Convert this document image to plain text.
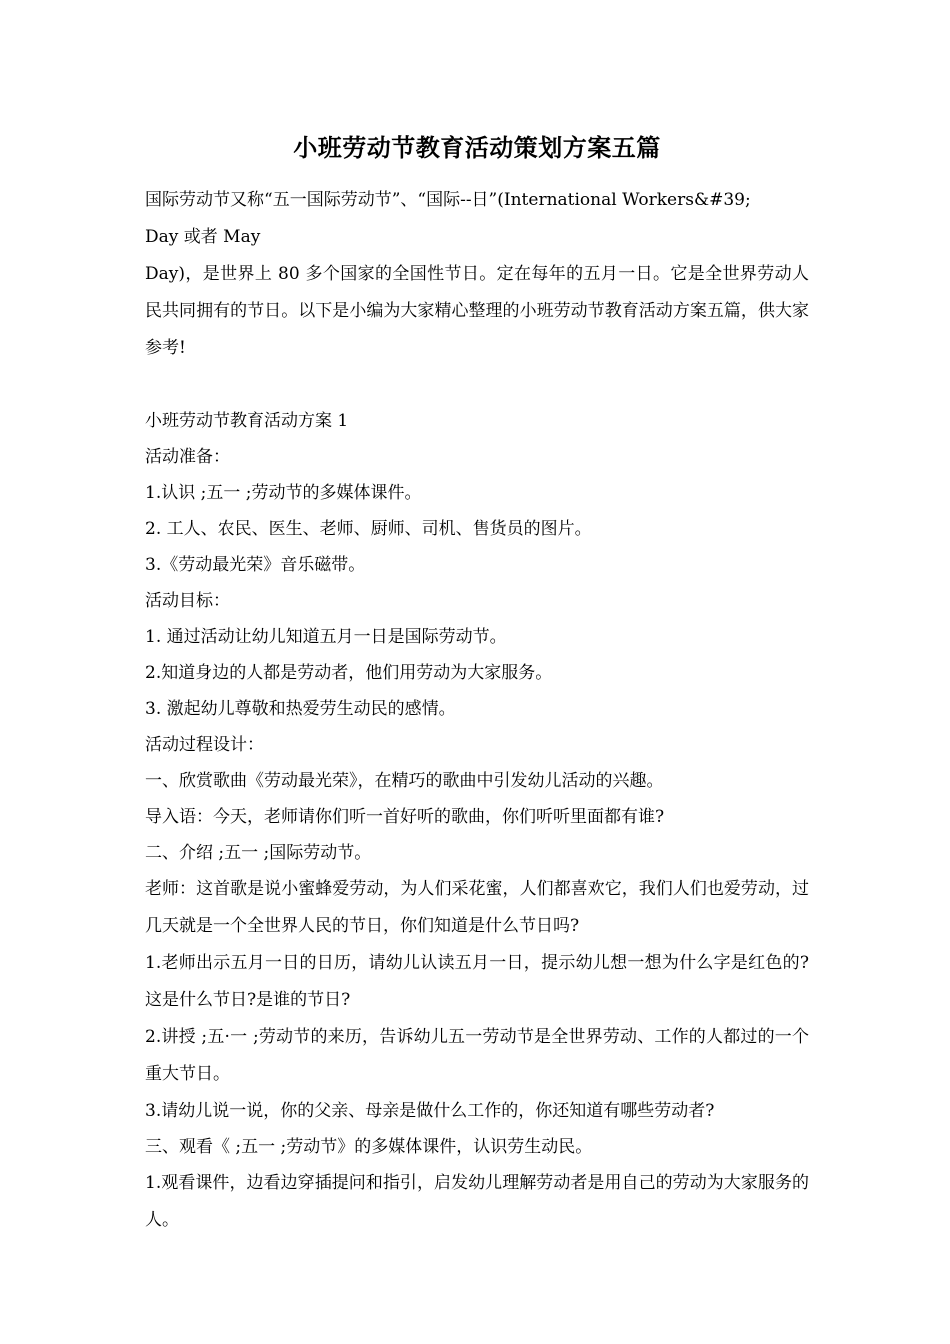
小班劳动节教育活动策划方案五篇

国际劳动节又称“五一国际劳动节”、“国际--日”(International Workers&#39;

Day 或者 May

Day)，是世界上 80 多个国家的全国性节日。定在每年的五月一日。它是全世界劳动人民共同拥有的节日。以下是小编为大家精心整理的小班劳动节教育活动方案五篇，供大家参考!

小班劳动节教育活动方案 1

活动准备：

1.认识 ;五一 ;劳动节的多媒体课件。

2. 工人、农民、医生、老师、厨师、司机、售货员的图片。

3.《劳动最光荣》音乐磁带。

活动目标：

1. 通过活动让幼儿知道五月一日是国际劳动节。

2.知道身边的人都是劳动者，他们用劳动为大家服务。

3. 激起幼儿尊敬和热爱劳生动民的感情。

活动过程设计：

一、欣赏歌曲《劳动最光荣》，在精巧的歌曲中引发幼儿活动的兴趣。

导入语：今天，老师请你们听一首好听的歌曲，你们听听里面都有谁?

二、介绍 ;五一 ;国际劳动节。

老师：这首歌是说小蜜蜂爱劳动，为人们采花蜜，人们都喜欢它，我们人们也爱劳动，过几天就是一个全世界人民的节日，你们知道是什么节日吗?

1.老师出示五月一日的日历，请幼儿认读五月一日，提示幼儿想一想为什么字是红色的?这是什么节日?是谁的节日?

2.讲授 ;五·一 ;劳动节的来历，告诉幼儿五一劳动节是全世界劳动、工作的人都过的一个重大节日。

3.请幼儿说一说，你的父亲、母亲是做什么工作的，你还知道有哪些劳动者?

三、观看《 ;五一 ;劳动节》的多媒体课件，认识劳生动民。

1.观看课件，边看边穿插提问和指引，启发幼儿理解劳动者是用自己的劳动为大家服务的人。
